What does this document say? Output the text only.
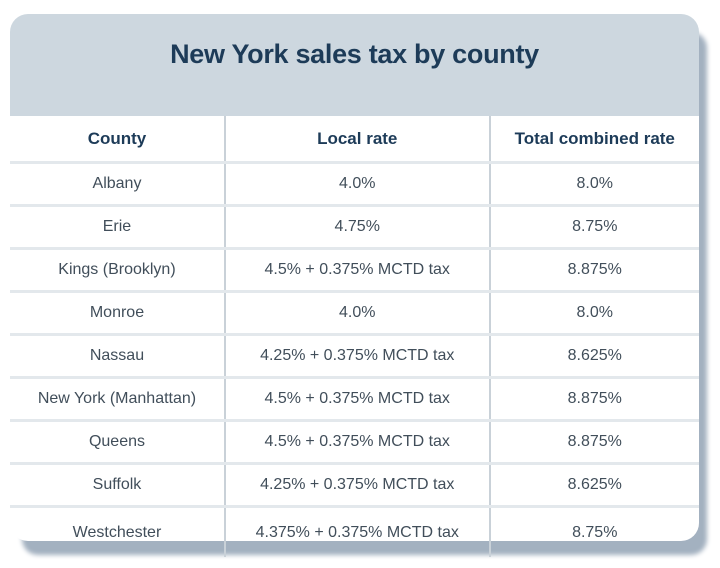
New York sales tax by county
County	Local rate	Total combined rate
Albany	4.0%	8.0%
Erie	4.75%	8.75%
Kings (Brooklyn)	4.5% + 0.375% MCTD tax	8.875%
Monroe	4.0%	8.0%
Nassau	4.25% + 0.375% MCTD tax	8.625%
New York (Manhattan)	4.5% + 0.375% MCTD tax	8.875%
Queens	4.5% + 0.375% MCTD tax	8.875%
Suffolk	4.25% + 0.375% MCTD tax	8.625%
Westchester	4.375% + 0.375% MCTD tax	8.75%
